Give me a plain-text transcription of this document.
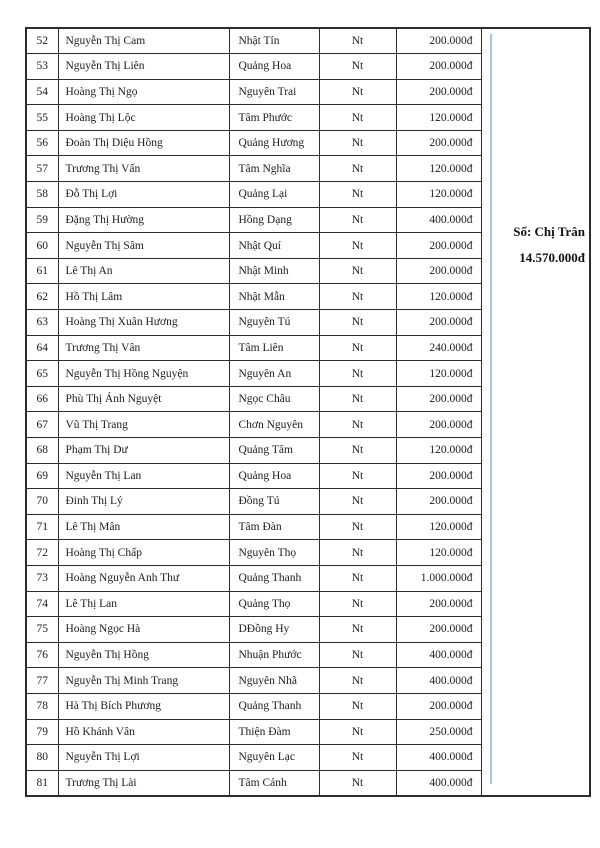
52	Nguyễn Thị Cam	Nhật Tín	Nt	200.000đ	Số: Chị Trân
14.570.000đ

53	Nguyễn Thị Liên	Quảng Hoa	Nt	200.000đ	
54	Hoàng Thị Ngọ	Nguyên Trai	Nt	200.000đ	
55	Hoàng Thị Lộc	Tâm Phước	Nt	120.000đ	
56	Đoàn Thị Diệu Hồng	Quảng Hương	Nt	200.000đ	
57	Trương Thị Vấn	Tâm Nghĩa	Nt	120.000đ	
58	Đỗ Thị Lợi	Quảng Lại	Nt	120.000đ	
59	Đặng Thị Hường	Hồng Dạng	Nt	400.000đ	
60	Nguyễn Thị Sâm	Nhật Quí	Nt	200.000đ	
61	Lê Thị An	Nhật Minh	Nt	200.000đ	
62	Hồ Thị Lâm	Nhật Mẫn	Nt	120.000đ	
63	Hoàng Thị Xuân Hương	Nguyên Tú	Nt	200.000đ	
64	Trương Thị Vân	Tâm Liên	Nt	240.000đ	
65	Nguyễn Thị Hồng Nguyện	Nguyên An	Nt	120.000đ	
66	Phù Thị Ánh Nguyệt	Ngọc Châu	Nt	200.000đ	
67	Vũ Thị Trang	Chơn Nguyên	Nt	200.000đ	
68	Phạm Thị Dư	Quảng Tâm	Nt	120.000đ	
69	Nguyễn Thị Lan	Quảng Hoa	Nt	200.000đ	
70	Đinh Thị Lý	Đồng Tú	Nt	200.000đ	
71	Lê Thị Mân	Tâm Đàn	Nt	120.000đ	
72	Hoàng Thị Chấp	Nguyên Thọ	Nt	120.000đ	
73	Hoàng Nguyễn Anh Thư	Quảng Thanh	Nt	1.000.000đ	
74	Lê Thị Lan	Quảng Thọ	Nt	200.000đ	
75	Hoàng Ngọc Hà	DĐồng Hy	Nt	200.000đ	
76	Nguyễn Thị Hồng	Nhuận Phước	Nt	400.000đ	
77	Nguyễn Thị Minh Trang	Nguyên Nhã	Nt	400.000đ	
78	Hà Thị Bích Phương	Quảng Thanh	Nt	200.000đ	
79	Hồ Khánh Vân	Thiện Đàm	Nt	250.000đ	
80	Nguyễn Thị Lợi	Nguyên Lạc	Nt	400.000đ	
81	Trương Thị Lài	Tâm Cảnh	Nt	400.000đ	
